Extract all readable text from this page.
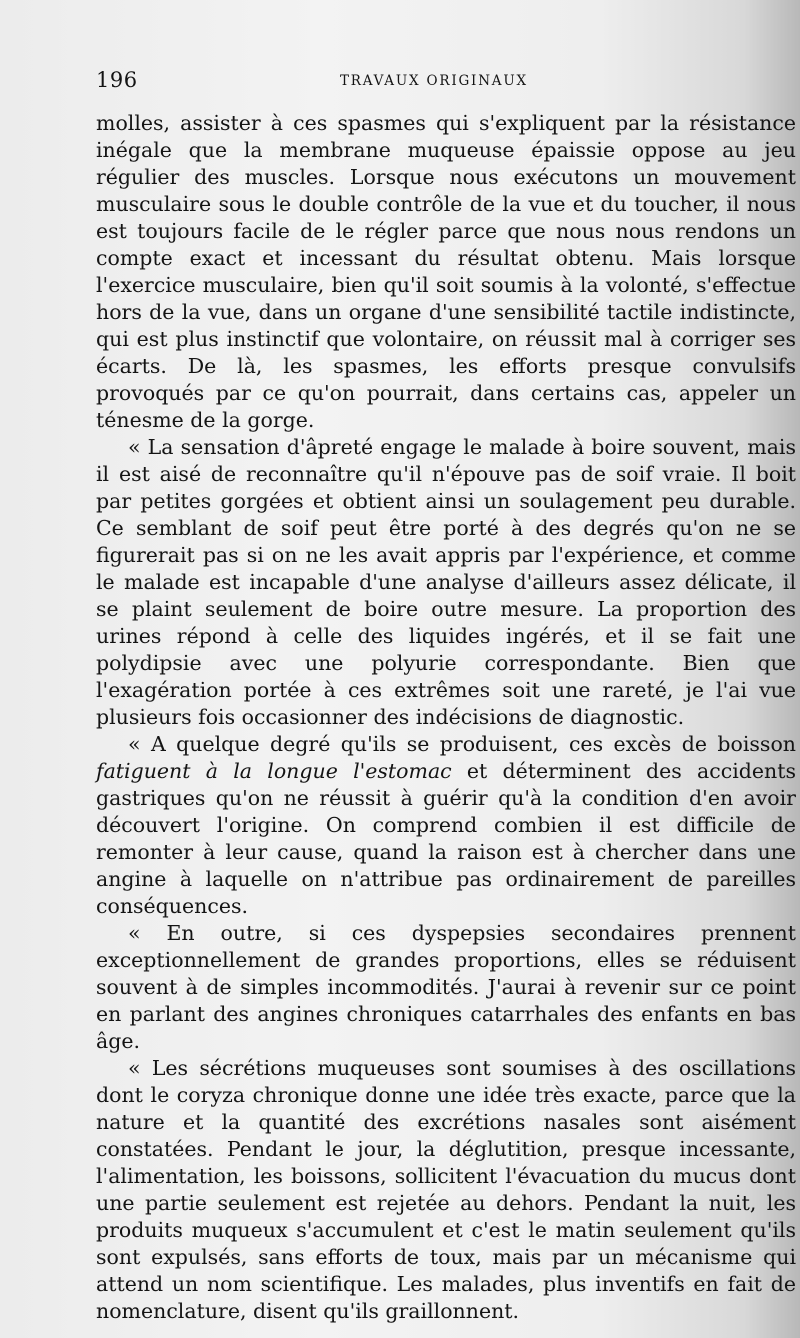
196	TRAVAUX ORIGINAUX

molles, assister à ces spasmes qui s'expliquent par la résistance inégale que la membrane muqueuse épaissie oppose au jeu régulier des muscles. Lorsque nous exécutons un mouvement musculaire sous le double contrôle de la vue et du toucher, il nous est toujours facile de le régler parce que nous nous rendons un compte exact et incessant du résultat obtenu. Mais lorsque l'exercice musculaire, bien qu'il soit soumis à la volonté, s'effectue hors de la vue, dans un organe d'une sensibilité tactile indistincte, qui est plus instinctif que volontaire, on réussit mal à corriger ses écarts. De là, les spasmes, les efforts presque convulsifs provoqués par ce qu'on pourrait, dans certains cas, appeler un ténesme de la gorge.

« La sensation d'âpreté engage le malade à boire souvent, mais il est aisé de reconnaître qu'il n'épouve pas de soif vraie. Il boit par petites gorgées et obtient ainsi un soulagement peu durable. Ce semblant de soif peut être porté à des degrés qu'on ne se figurerait pas si on ne les avait appris par l'expérience, et comme le malade est incapable d'une analyse d'ailleurs assez délicate, il se plaint seulement de boire outre mesure. La proportion des urines répond à celle des liquides ingérés, et il se fait une polydipsie avec une polyurie correspondante. Bien que l'exagération portée à ces extrêmes soit une rareté, je l'ai vue plusieurs fois occasionner des indécisions de diagnostic.

« A quelque degré qu'ils se produisent, ces excès de boisson fatiguent à la longue l'estomac et déterminent des accidents gastriques qu'on ne réussit à guérir qu'à la condition d'en avoir découvert l'origine. On comprend combien il est difficile de remonter à leur cause, quand la raison est à chercher dans une angine à laquelle on n'attribue pas ordinairement de pareilles conséquences.

« En outre, si ces dyspepsies secondaires prennent exceptionnellement de grandes proportions, elles se réduisent souvent à de simples incommodités. J'aurai à revenir sur ce point en parlant des angines chroniques catarrhales des enfants en bas âge.

« Les sécrétions muqueuses sont soumises à des oscillations dont le coryza chronique donne une idée très exacte, parce que la nature et la quantité des excrétions nasales sont aisément constatées. Pendant le jour, la déglutition, presque incessante, l'alimentation, les boissons, sollicitent l'évacuation du mucus dont une partie seulement est rejetée au dehors. Pendant la nuit, les produits muqueux s'accumulent et c'est le matin seulement qu'ils sont expulsés, sans efforts de toux, mais par un mécanisme qui attend un nom scientifique. Les malades, plus inventifs en fait de nomenclature, disent qu'ils graillonnent.
